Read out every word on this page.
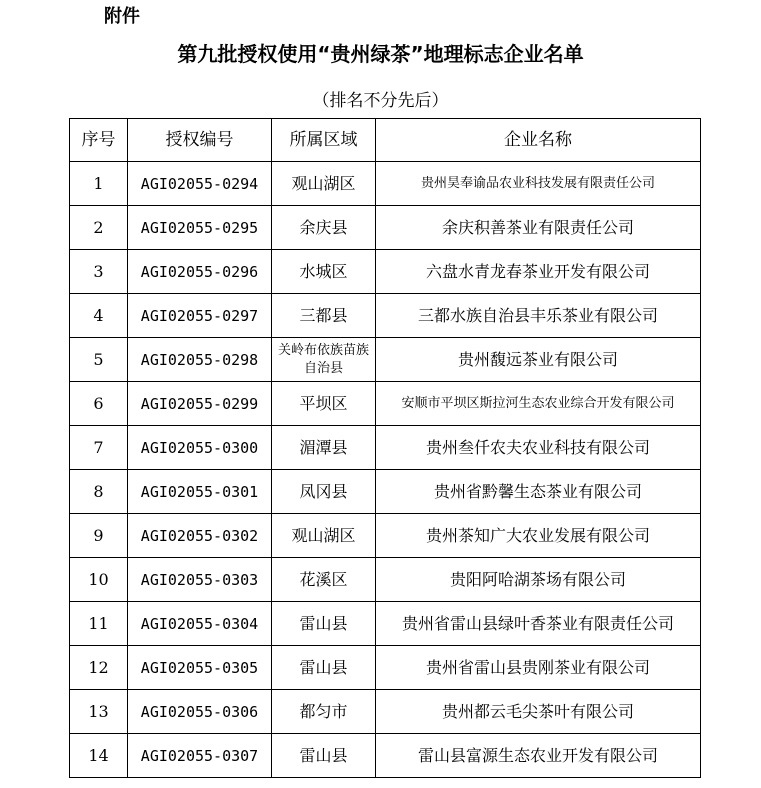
附件
第九批授权使用“贵州绿茶”地理标志企业名单
（排名不分先后）
序号	授权编号	所属区域	企业名称
1	AGI02055-0294	观山湖区	贵州昊奉谕品农业科技发展有限责任公司
2	AGI02055-0295	余庆县	余庆积善茶业有限责任公司
3	AGI02055-0296	水城区	六盘水青龙春茶业开发有限公司
4	AGI02055-0297	三都县	三都水族自治县丰乐茶业有限公司
5	AGI02055-0298	关岭布依族苗族自治县	贵州馥远茶业有限公司
6	AGI02055-0299	平坝区	安顺市平坝区斯拉河生态农业综合开发有限公司
7	AGI02055-0300	湄潭县	贵州叁仟农夫农业科技有限公司
8	AGI02055-0301	凤冈县	贵州省黔馨生态茶业有限公司
9	AGI02055-0302	观山湖区	贵州茶知广大农业发展有限公司
10	AGI02055-0303	花溪区	贵阳阿哈湖茶场有限公司
11	AGI02055-0304	雷山县	贵州省雷山县绿叶香茶业有限责任公司
12	AGI02055-0305	雷山县	贵州省雷山县贵刚茶业有限公司
13	AGI02055-0306	都匀市	贵州都云毛尖茶叶有限公司
14	AGI02055-0307	雷山县	雷山县富源生态农业开发有限公司
